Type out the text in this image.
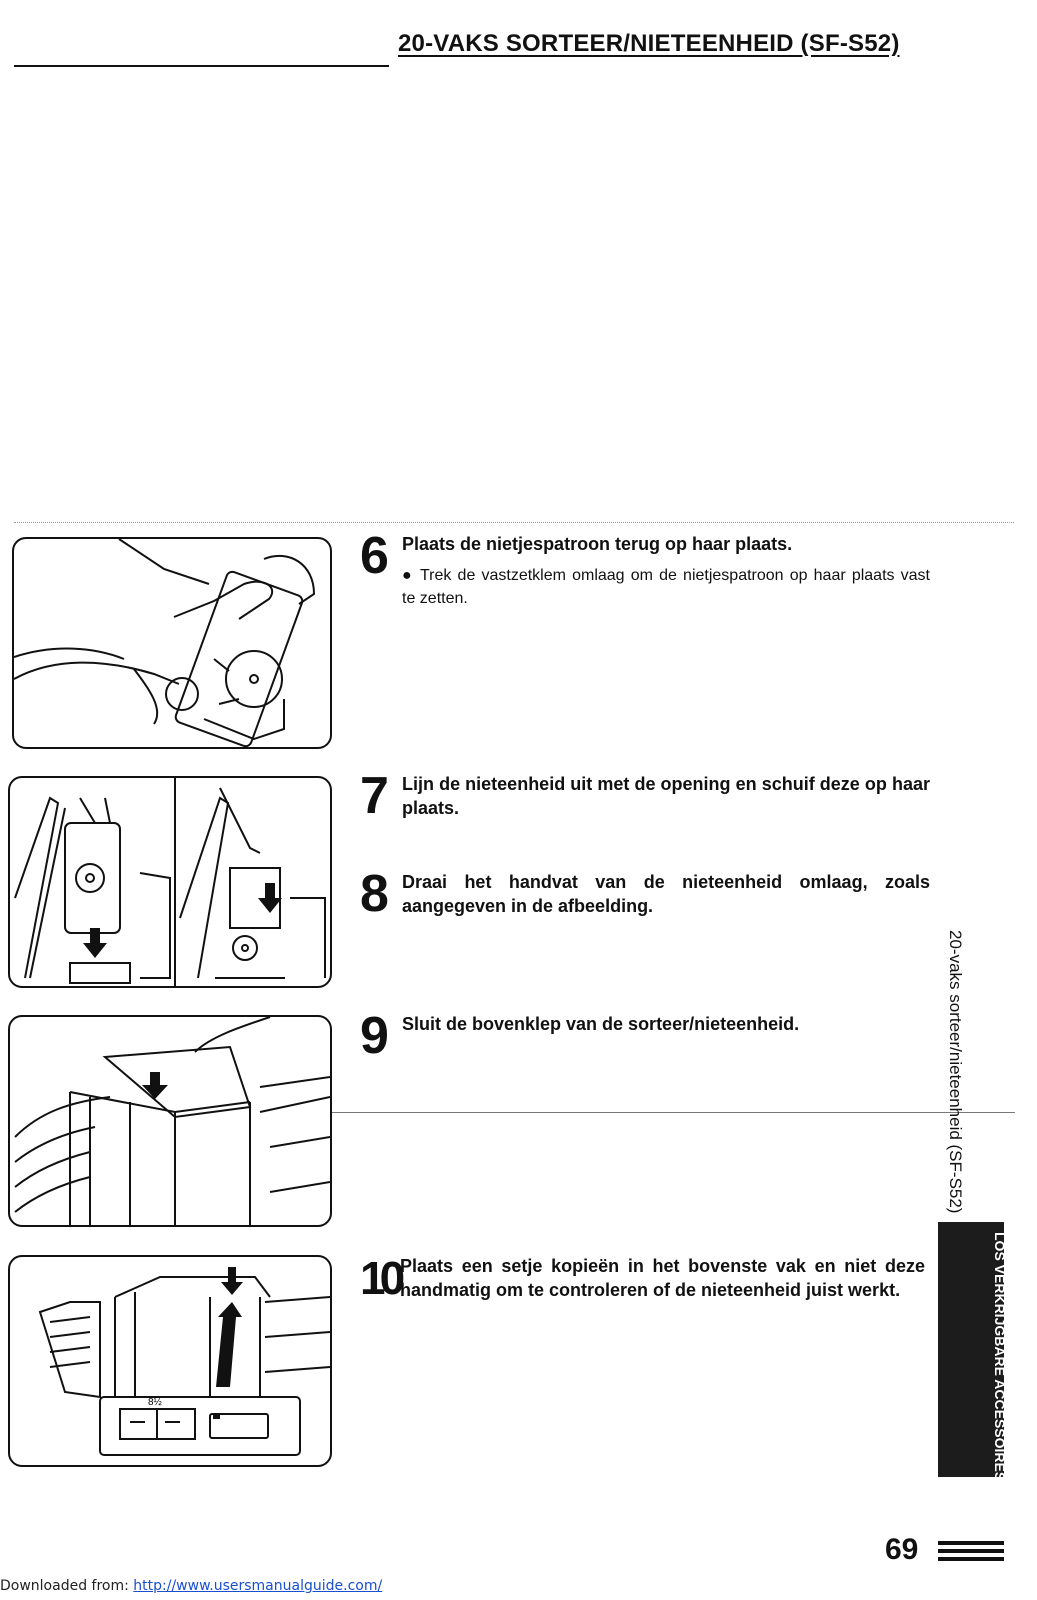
20-VAKS SORTEER/NIETEENHEID (SF-S52)
8½
6 Plaats de nietjespatroon terug op haar plaats.
● Trek de vastzetklem omlaag om de nietjespatroon op haar plaats vast te zetten.
7 Lijn de nieteenheid uit met de opening en schuif deze op haar plaats.
8 Draai het handvat van de nieteenheid omlaag, zoals aangegeven in de afbeelding.
9 Sluit de bovenklep van de sorteer/nieteenheid.
10 Plaats een setje kopieën in het bovenste vak en niet deze handmatig om te controleren of de nieteenheid juist werkt.
20-vaks sorteer/nieteenheid (SF-S52)
LOS VERKRIJGBARE ACCESSOIRES
69
Downloaded from: http://www.usersmanualguide.com/
